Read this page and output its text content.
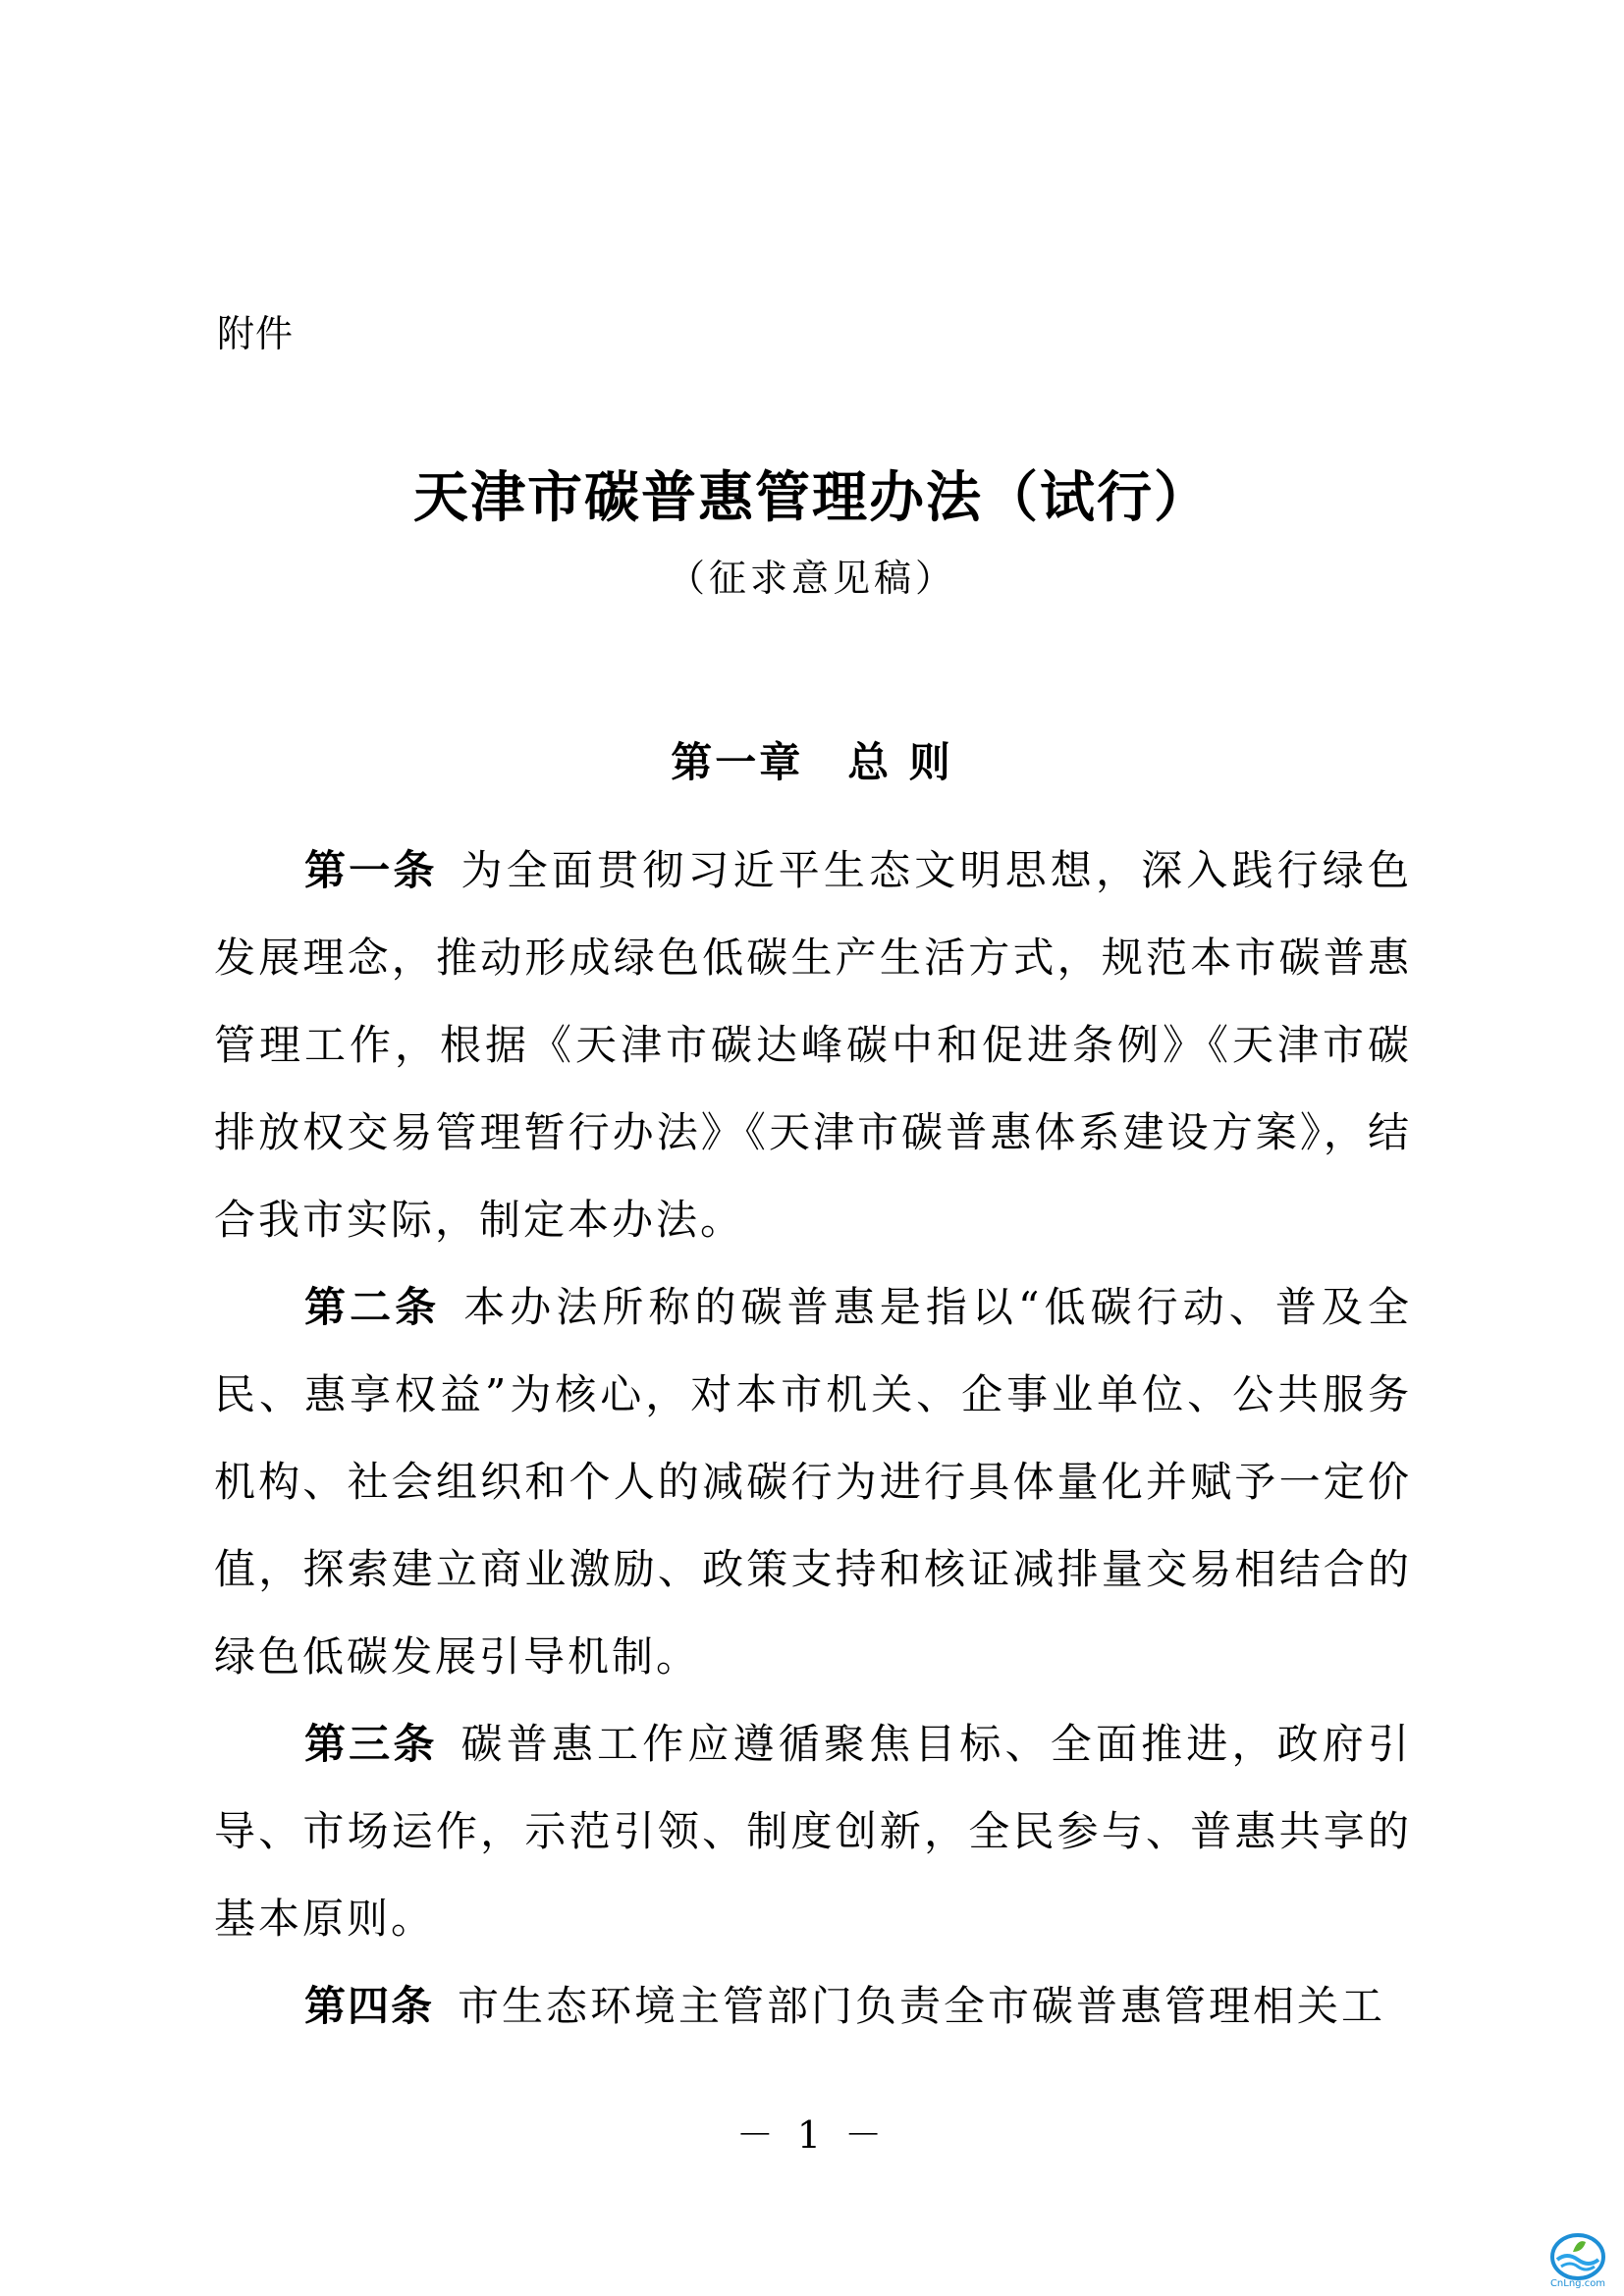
附件
天津市碳普惠管理办法（试行）
（征求意见稿）
第一章　总 则

第一条 为全面贯彻习近平生态文明思想，深入践行绿色发展理念，推动形成绿色低碳生产生活方式，规范本市碳普惠管理工作，根据《天津市碳达峰碳中和促进条例》《天津市碳排放权交易管理暂行办法》《天津市碳普惠体系建设方案》，结合我市实际，制定本办法。

第二条 本办法所称的碳普惠是指以“低碳行动、普及全民、惠享权益”为核心，对本市机关、企事业单位、公共服务机构、社会组织和个人的减碳行为进行具体量化并赋予一定价值，探索建立商业激励、政策支持和核证减排量交易相结合的绿色低碳发展引导机制。

第三条 碳普惠工作应遵循聚焦目标、全面推进，政府引导、市场运作，示范引领、制度创新，全民参与、普惠共享的基本原则。

第四条 市生态环境主管部门负责全市碳普惠管理相关工

－ 1 －
CnLng.com
